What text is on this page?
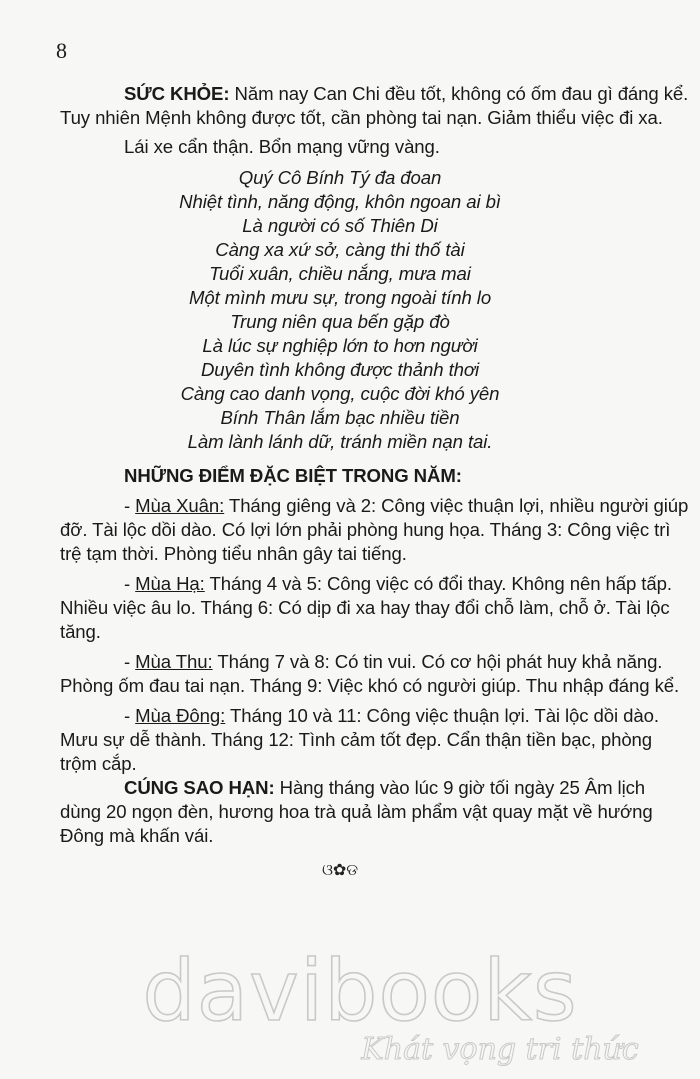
8

SỨC KHỎE: Năm nay Can Chi đều tốt, không có ốm đau gì đáng kể. Tuy nhiên Mệnh không được tốt, cần phòng tai nạn. Giảm thiểu việc đi xa.

Lái xe cẩn thận. Bổn mạng vững vàng.

Quý Cô Bính Tý đa đoan
Nhiệt tình, năng động, khôn ngoan ai bì
Là người có số Thiên Di
Càng xa xứ sở, càng thi thố tài
Tuổi xuân, chiều nắng, mưa mai
Một mình mưu sự, trong ngoài tính lo
Trung niên qua bến gặp đò
Là lúc sự nghiệp lớn to hơn người
Duyên tình không được thảnh thơi
Càng cao danh vọng, cuộc đời khó yên
Bính Thân lắm bạc nhiều tiền
Làm lành lánh dữ, tránh miền nạn tai.

NHỮNG ĐIỂM ĐẶC BIỆT TRONG NĂM:

- Mùa Xuân: Tháng giêng và 2: Công việc thuận lợi, nhiều người giúp đỡ. Tài lộc dồi dào. Có lợi lớn phải phòng hung họa. Tháng 3: Công việc trì trệ tạm thời. Phòng tiểu nhân gây tai tiếng.

- Mùa Hạ: Tháng 4 và 5: Công việc có đổi thay. Không nên hấp tấp. Nhiều việc âu lo. Tháng 6: Có dịp đi xa hay thay đổi chỗ làm, chỗ ở. Tài lộc tăng.

- Mùa Thu: Tháng 7 và 8: Có tin vui. Có cơ hội phát huy khả năng. Phòng ốm đau tai nạn. Tháng 9: Việc khó có người giúp. Thu nhập đáng kể.

- Mùa Đông: Tháng 10 và 11: Công việc thuận lợi. Tài lộc dồi dào. Mưu sự dễ thành. Tháng 12: Tình cảm tốt đẹp. Cẩn thận tiền bạc, phòng trộm cắp.

CÚNG SAO HẠN: Hàng tháng vào lúc 9 giờ tối ngày 25 Âm lịch dùng 20 ngọn đèn, hương hoa trà quả làm phẩm vật quay mặt về hướng Đông mà khấn vái.

ଓ✿ଡ
davibooks
Khát vọng tri thức
